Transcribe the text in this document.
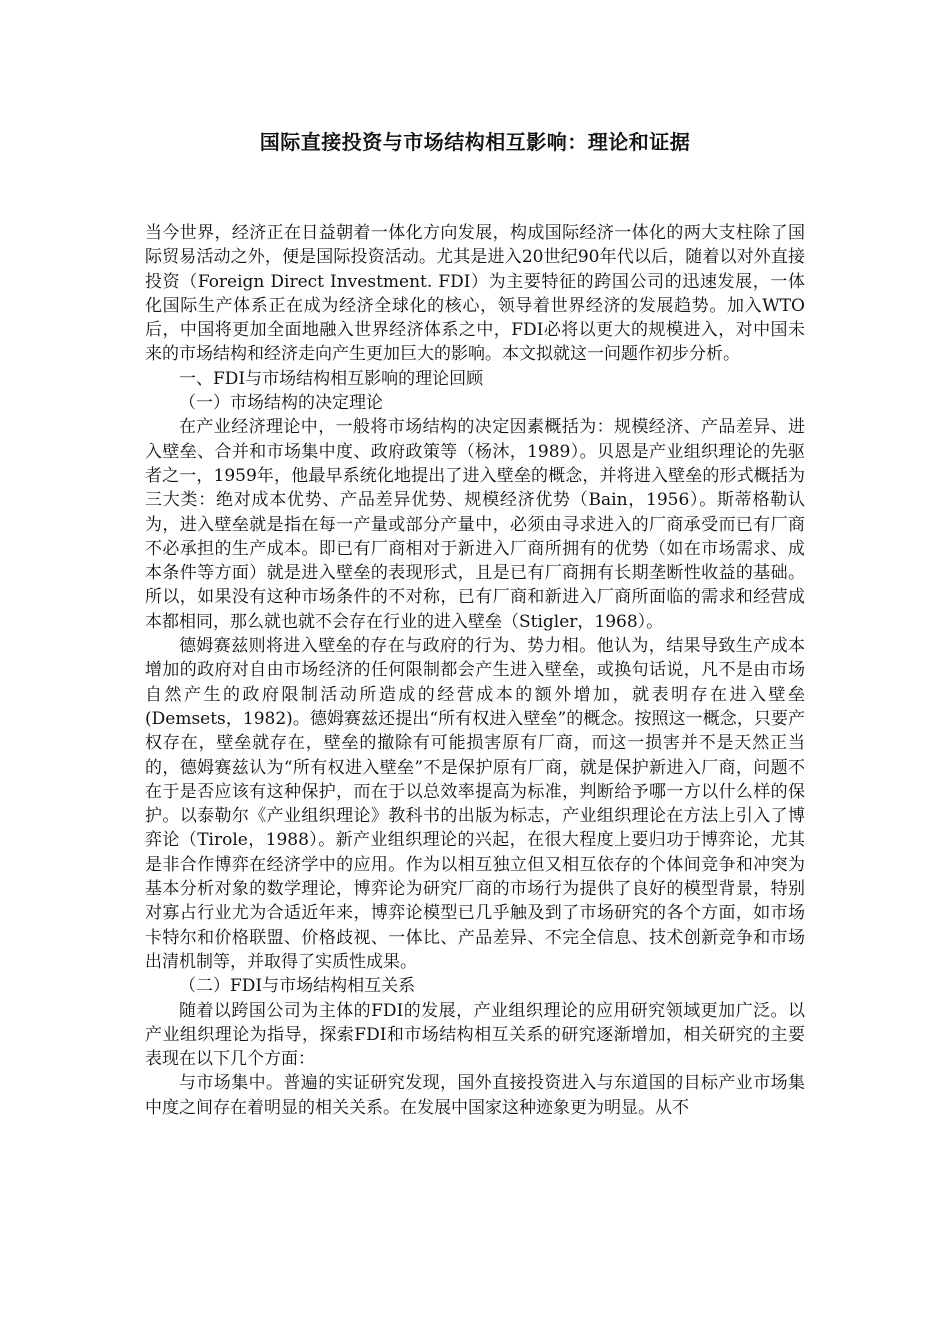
国际直接投资与市场结构相互影响：理论和证据

当今世界，经济正在日益朝着一体化方向发展，构成国际经济一体化的两大支柱除了国际贸易活动之外，便是国际投资活动。尤其是进入20世纪90年代以后，随着以对外直接投资（Foreign Direct Investment. FDI）为主要特征的跨国公司的迅速发展，一体化国际生产体系正在成为经济全球化的核心，领导着世界经济的发展趋势。加入WTO后，中国将更加全面地融入世界经济体系之中，FDI必将以更大的规模进入，对中国未来的市场结构和经济走向产生更加巨大的影响。本文拟就这一问题作初步分析。

一、FDI与市场结构相互影响的理论回顾

（一）市场结构的决定理论

在产业经济理论中，一般将市场结构的决定因素概括为：规模经济、产品差异、进入壁垒、合并和市场集中度、政府政策等（杨沐，1989）。贝恩是产业组织理论的先驱者之一，1959年，他最早系统化地提出了进入壁垒的概念，并将进入壁垒的形式概括为三大类：绝对成本优势、产品差异优势、规模经济优势（Bain，1956）。斯蒂格勒认为，进入壁垒就是指在每一产量或部分产量中，必须由寻求进入的厂商承受而已有厂商不必承担的生产成本。即已有厂商相对于新进入厂商所拥有的优势（如在市场需求、成本条件等方面）就是进入壁垒的表现形式，且是已有厂商拥有长期垄断性收益的基础。所以，如果没有这种市场条件的不对称，已有厂商和新进入厂商所面临的需求和经营成本都相同，那么就也就不会存在行业的进入壁垒（Stigler，1968）。

德姆赛兹则将进入壁垒的存在与政府的行为、势力相。他认为，结果导致生产成本增加的政府对自由市场经济的任何限制都会产生进入壁垒，或换句话说，凡不是由市场自然产生的政府限制活动所造成的经营成本的额外增加，就表明存在进入壁垒(Demsets，1982)。德姆赛兹还提出“所有权进入壁垒”的概念。按照这一概念，只要产权存在，壁垒就存在，壁垒的撤除有可能损害原有厂商，而这一损害并不是天然正当的，德姆赛兹认为“所有权进入壁垒”不是保护原有厂商，就是保护新进入厂商，问题不在于是否应该有这种保护，而在于以总效率提高为标准，判断给予哪一方以什么样的保护。以泰勒尔《产业组织理论》教科书的出版为标志，产业组织理论在方法上引入了博弈论（Tirole，1988）。新产业组织理论的兴起，在很大程度上要归功于博弈论，尤其是非合作博弈在经济学中的应用。作为以相互独立但又相互依存的个体间竞争和冲突为基本分析对象的数学理论，博弈论为研究厂商的市场行为提供了良好的模型背景，特别对寡占行业尤为合适近年来，博弈论模型已几乎触及到了市场研究的各个方面，如市场卡特尔和价格联盟、价格歧视、一体比、产品差异、不完全信息、技术创新竞争和市场出清机制等，并取得了实质性成果。

（二）FDI与市场结构相互关系

随着以跨国公司为主体的FDI的发展，产业组织理论的应用研究领域更加广泛。以产业组织理论为指导，探索FDI和市场结构相互关系的研究逐渐增加，相关研究的主要表现在以下几个方面：

与市场集中。普遍的实证研究发现，国外直接投资进入与东道国的目标产业市场集中度之间存在着明显的相关关系。在发展中国家这种迹象更为明显。从不
